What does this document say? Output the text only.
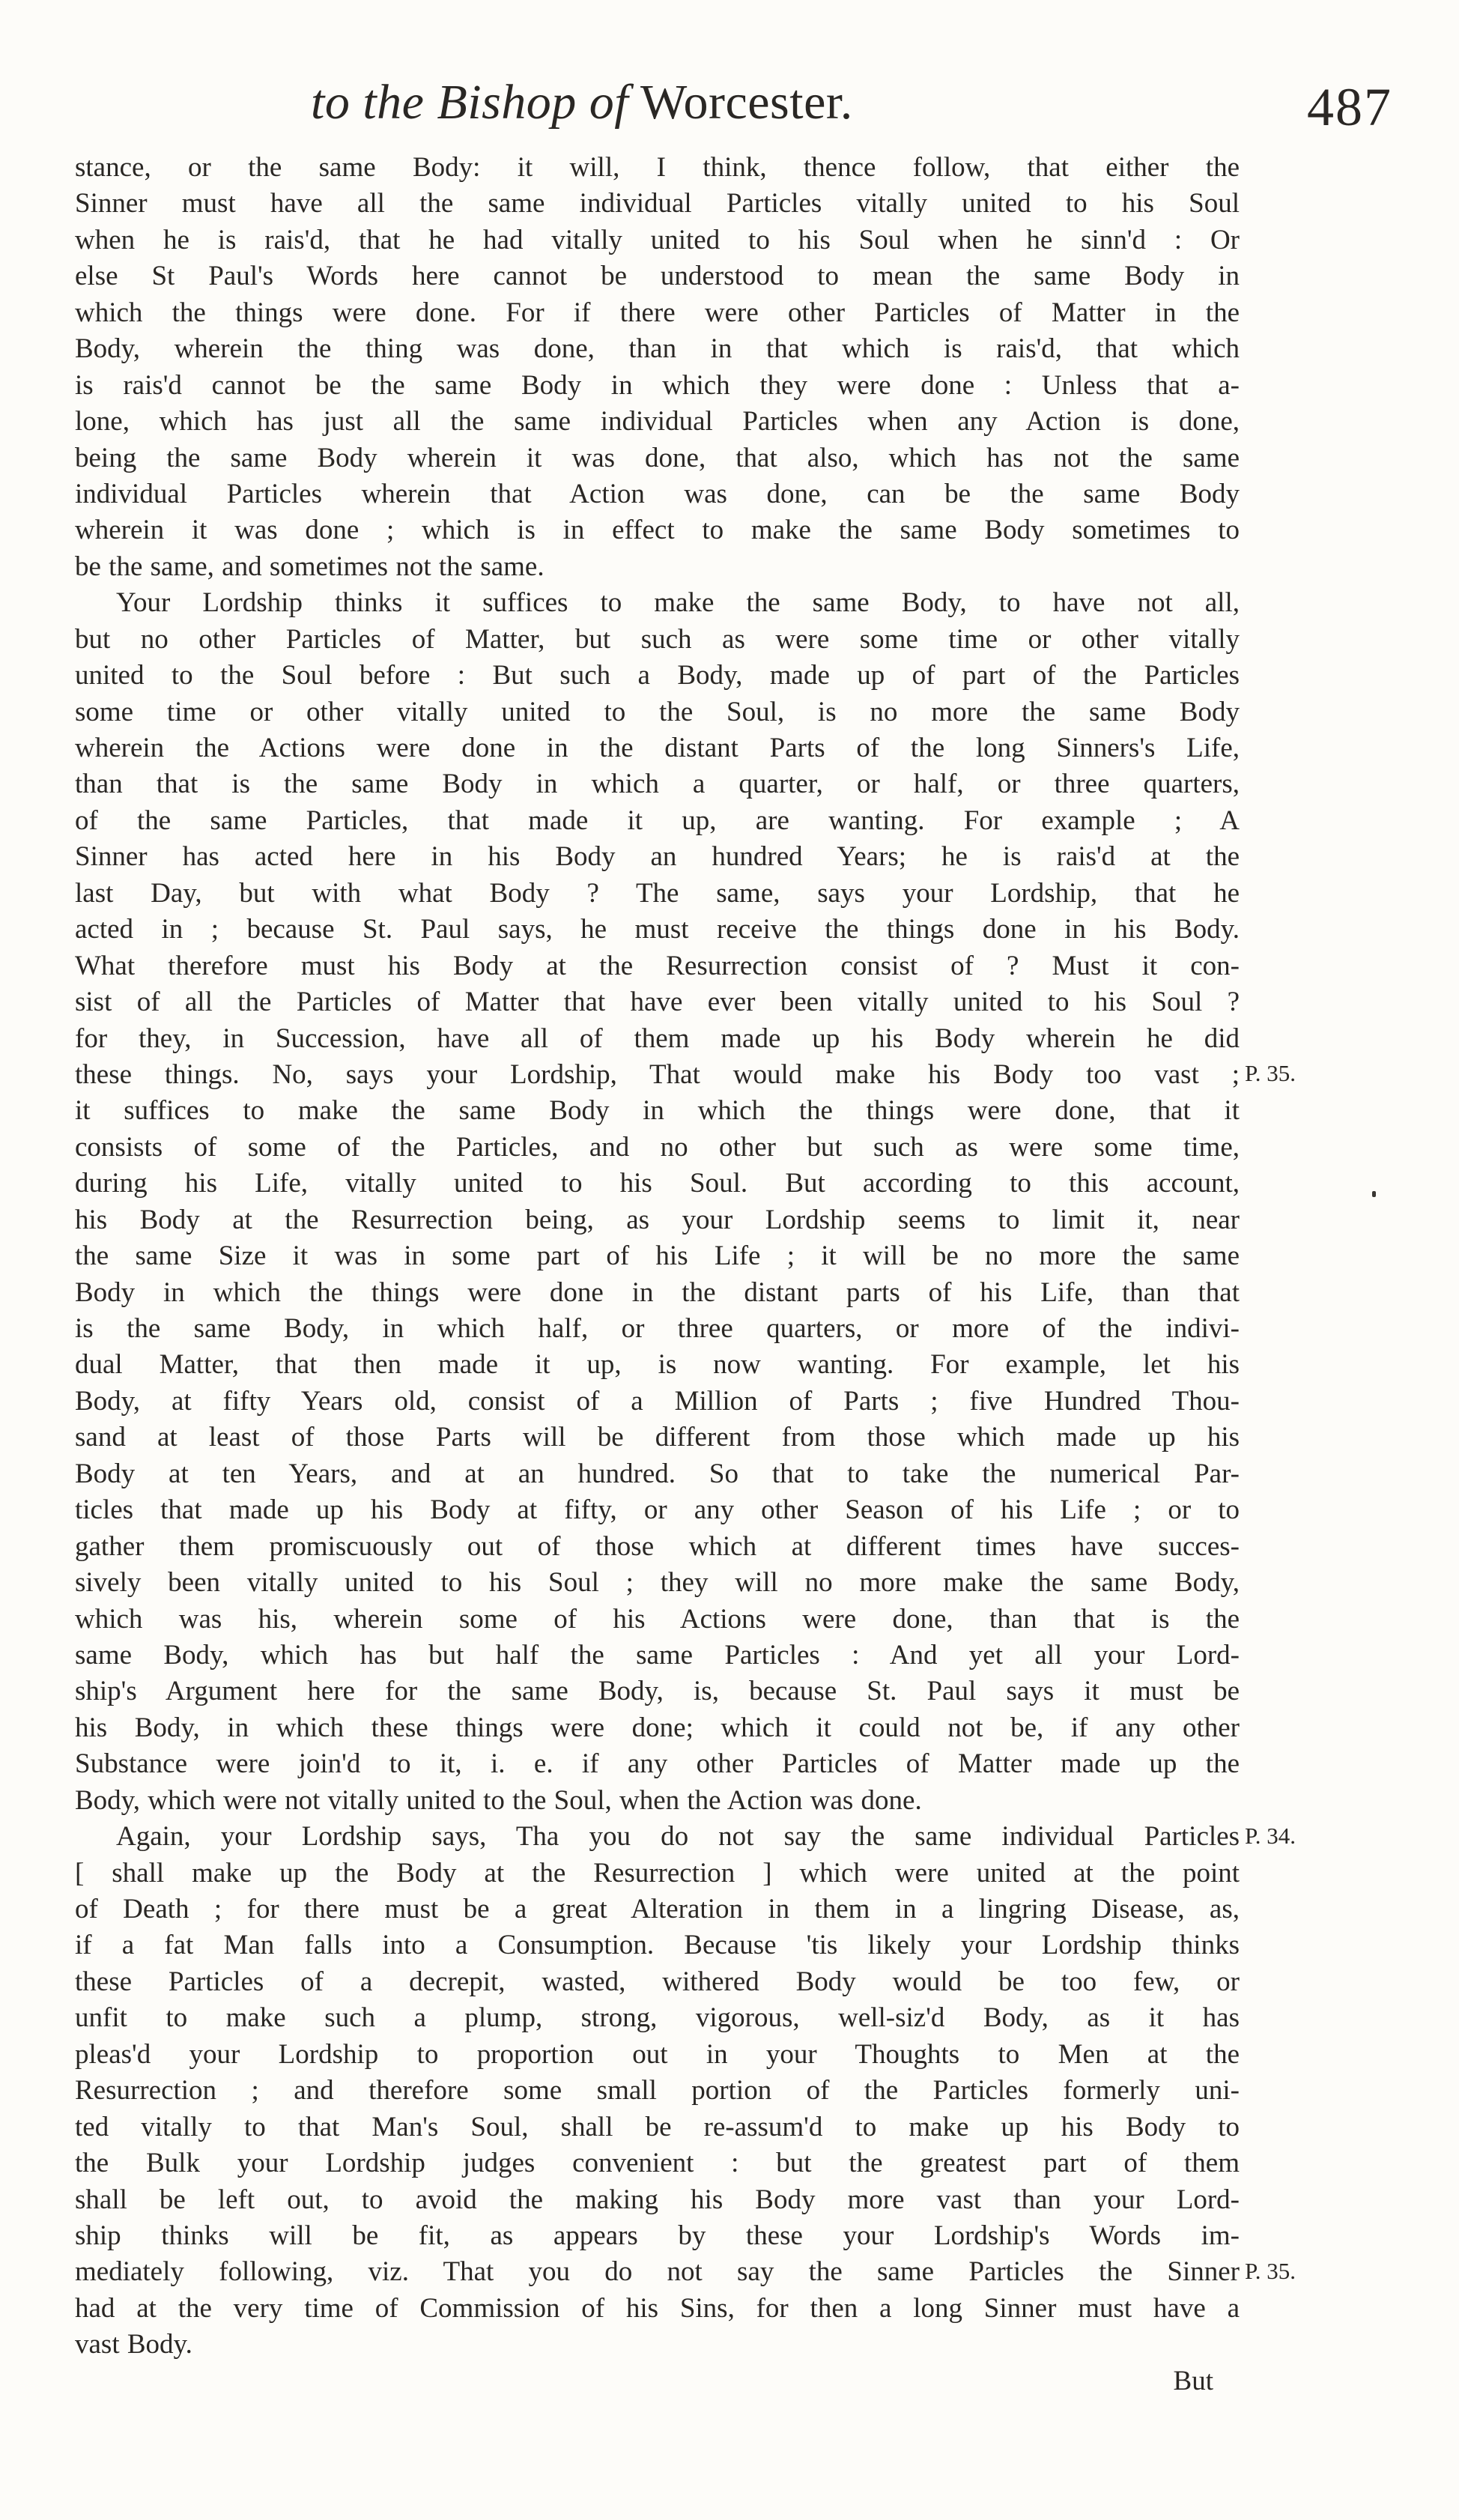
to the Bishop of Worcester.	487
stance, or the same Body: it will, I think, thence follow, that either the
Sinner must have all the same individual Particles vitally united to his Soul
when he is rais'd, that he had vitally united to his Soul when he sinn'd : Or
else St Paul's Words here cannot be understood to mean the same Body in
which the things were done. For if there were other Particles of Matter in the
Body, wherein the thing was done, than in that which is rais'd, that which
is rais'd cannot be the same Body in which they were done : Unless that a-
lone, which has just all the same individual Particles when any Action is done,
being the same Body wherein it was done, that also, which has not the same
individual Particles wherein that Action was done, can be the same Body
wherein it was done ; which is in effect to make the same Body sometimes to
be the same, and sometimes not the same.
Your Lordship thinks it suffices to make the same Body, to have not all,
but no other Particles of Matter, but such as were some time or other vitally
united to the Soul before : But such a Body, made up of part of the Particles
some time or other vitally united to the Soul, is no more the same Body
wherein the Actions were done in the distant Parts of the long Sinners's Life,
than that is the same Body in which a quarter, or half, or three quarters,
of the same Particles, that made it up, are wanting. For example ; A
Sinner has acted here in his Body an hundred Years; he is rais'd at the
last Day, but with what Body ? The same, says your Lordship, that he
acted in ; because St. Paul says, he must receive the things done in his Body.
What therefore must his Body at the Resurrection consist of ? Must it con-
sist of all the Particles of Matter that have ever been vitally united to his Soul ?
for they, in Succession, have all of them made up his Body wherein he did
these things. No, says your Lordship, That would make his Body too vast ;
it suffices to make the same Body in which the things were done, that it
consists of some of the Particles, and no other but such as were some time,
during his Life, vitally united to his Soul. But according to this account,
his Body at the Resurrection being, as your Lordship seems to limit it, near
the same Size it was in some part of his Life ; it will be no more the same
Body in which the things were done in the distant parts of his Life, than that
is the same Body, in which half, or three quarters, or more of the indivi-
dual Matter, that then made it up, is now wanting. For example, let his
Body, at fifty Years old, consist of a Million of Parts ; five Hundred Thou-
sand at least of those Parts will be different from those which made up his
Body at ten Years, and at an hundred. So that to take the numerical Par-
ticles that made up his Body at fifty, or any other Season of his Life ; or to
gather them promiscuously out of those which at different times have succes-
sively been vitally united to his Soul ; they will no more make the same Body,
which was his, wherein some of his Actions were done, than that is the
same Body, which has but half the same Particles : And yet all your Lord-
ship's Argument here for the same Body, is, because St. Paul says it must be
his Body, in which these things were done; which it could not be, if any other
Substance were join'd to it, i. e. if any other Particles of Matter made up the
Body, which were not vitally united to the Soul, when the Action was done.
Again, your Lordship says, Tha you do not say the same individual Particles
[ shall make up the Body at the Resurrection ] which were united at the point
of Death ; for there must be a great Alteration in them in a lingring Disease, as,
if a fat Man falls into a Consumption. Because 'tis likely your Lordship thinks
these Particles of a decrepit, wasted, withered Body would be too few, or
unfit to make such a plump, strong, vigorous, well-siz'd Body, as it has
pleas'd your Lordship to proportion out in your Thoughts to Men at the
Resurrection ; and therefore some small portion of the Particles formerly uni-
ted vitally to that Man's Soul, shall be re-assum'd to make up his Body to
the Bulk your Lordship judges convenient : but the greatest part of them
shall be left out, to avoid the making his Body more vast than your Lord-
ship thinks will be fit, as appears by these your Lordship's Words im-
mediately following, viz. That you do not say the same Particles the Sinner
had at the very time of Commission of his Sins, for then a long Sinner must have a
vast Body.
But
P. 35.
P. 34.
P. 35.
